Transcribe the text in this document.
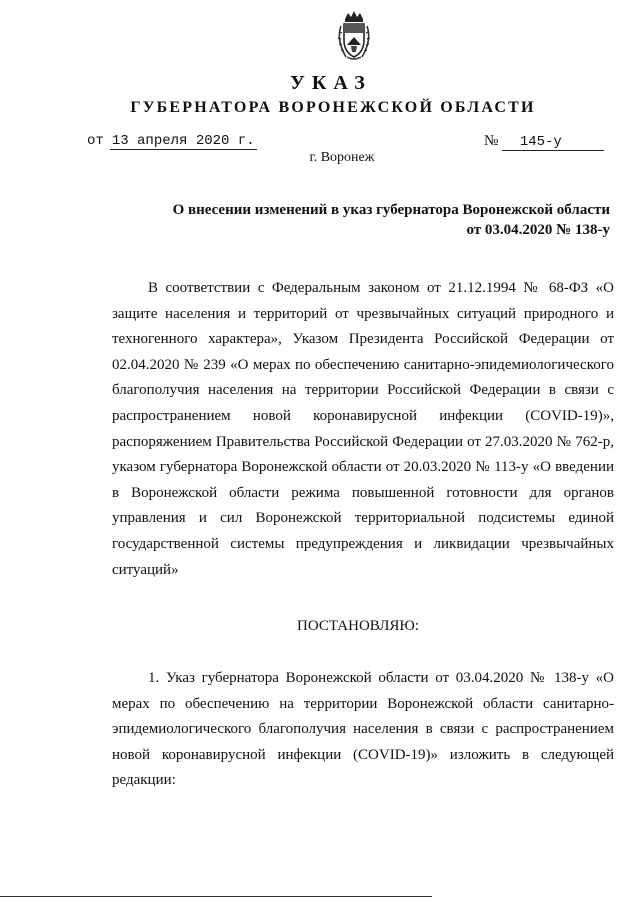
УКАЗ
ГУБЕРНАТОРА ВОРОНЕЖСКОЙ ОБЛАСТИ
от 13 апреля 2020 г.	№ 145-у
г. Воронеж
О внесении изменений в указ губернатора Воронежской области
от 03.04.2020 № 138-у

В соответствии с Федеральным законом от 21.12.1994 № 68-ФЗ «О защите населения и территорий от чрезвычайных ситуаций природного и техногенного характера», Указом Президента Российской Федерации от 02.04.2020 № 239 «О мерах по обеспечению санитарно-эпидемиологического благополучия населения на территории Российской Федерации в связи с распространением новой коронавирусной инфекции (COVID-19)», распоряжением Правительства Российской Федерации от 27.03.2020 № 762-р, указом губернатора Воронежской области от 20.03.2020 № 113-у «О введении в Воронежской области режима повышенной готовности для органов управления и сил Воронежской территориальной подсистемы единой государственной системы предупреждения и ликвидации чрезвычайных ситуаций»

ПОСТАНОВЛЯЮ:

1. Указ губернатора Воронежской области от 03.04.2020 № 138-у «О мерах по обеспечению на территории Воронежской области санитарно-эпидемиологического благополучия населения в связи с распространением новой коронавирусной инфекции (COVID-19)» изложить в следующей редакции:
